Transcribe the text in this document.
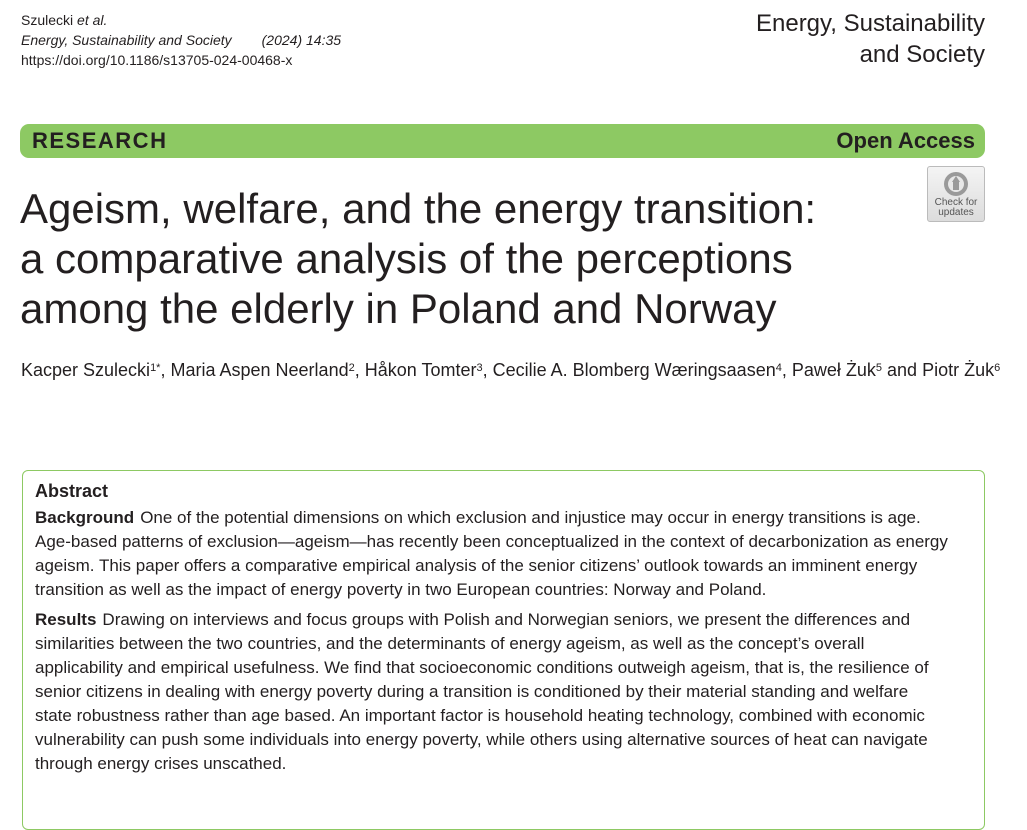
Szulecki et al.
Energy, Sustainability and Society (2024) 14:35
https://doi.org/10.1186/s13705-024-00468-x
Energy, Sustainability
and Society
RESEARCH	Open Access
Ageism, welfare, and the energy transition:
a comparative analysis of the perceptions
among the elderly in Poland and Norway
Check for
updates
Kacper Szulecki$^{1*}$, Maria Aspen Neerland$^2$, Håkon Tomter$^3$, Cecilie A. Blomberg Wæringsaasen$^4$, Paweł Żuk$^5$ and Piotr Żuk$^6$
Abstract

Background One of the potential dimensions on which exclusion and injustice may occur in energy transitions is age. Age-based patterns of exclusion—ageism—has recently been conceptualized in the context of decarbonization as energy ageism. This paper offers a comparative empirical analysis of the senior citizens’ outlook towards an imminent energy transition as well as the impact of energy poverty in two European countries: Norway and Poland.

Results Drawing on interviews and focus groups with Polish and Norwegian seniors, we present the differences and similarities between the two countries, and the determinants of energy ageism, as well as the concept’s overall applicability and empirical usefulness. We find that socioeconomic conditions outweigh ageism, that is, the resilience of senior citizens in dealing with energy poverty during a transition is conditioned by their material standing and welfare state robustness rather than age based. An important factor is household heating technology, combined with economic vulnerability can push some individuals into energy poverty, while others using alternative sources of heat can navigate through energy crises unscathed.
